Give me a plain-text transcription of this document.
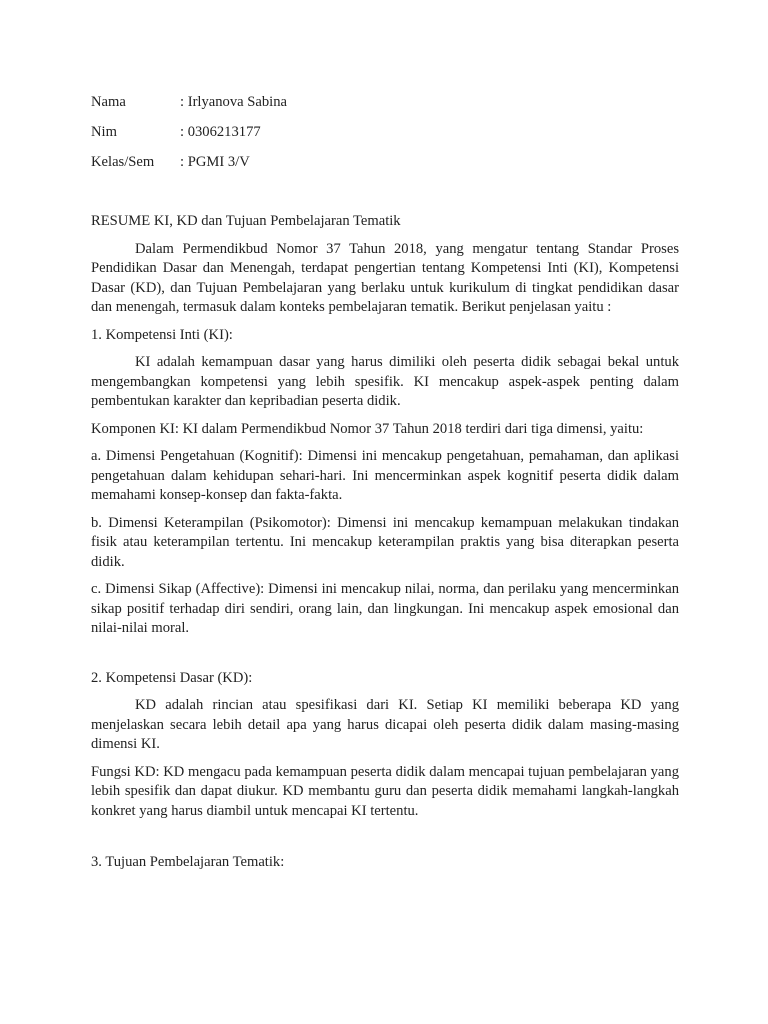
Nama	: Irlyanova Sabina
Nim	: 0306213177
Kelas/Sem : PGMI 3/V

RESUME KI, KD dan Tujuan Pembelajaran Tematik

Dalam Permendikbud Nomor 37 Tahun 2018, yang mengatur tentang Standar Proses Pendidikan Dasar dan Menengah, terdapat pengertian tentang Kompetensi Inti (KI), Kompetensi Dasar (KD), dan Tujuan Pembelajaran yang berlaku untuk kurikulum di tingkat pendidikan dasar dan menengah, termasuk dalam konteks pembelajaran tematik. Berikut penjelasan yaitu :

1. Kompetensi Inti (KI):

KI adalah kemampuan dasar yang harus dimiliki oleh peserta didik sebagai bekal untuk mengembangkan kompetensi yang lebih spesifik. KI mencakup aspek-aspek penting dalam pembentukan karakter dan kepribadian peserta didik.

Komponen KI: KI dalam Permendikbud Nomor 37 Tahun 2018 terdiri dari tiga dimensi, yaitu:

a. Dimensi Pengetahuan (Kognitif): Dimensi ini mencakup pengetahuan, pemahaman, dan aplikasi pengetahuan dalam kehidupan sehari-hari. Ini mencerminkan aspek kognitif peserta didik dalam memahami konsep-konsep dan fakta-fakta.

b. Dimensi Keterampilan (Psikomotor): Dimensi ini mencakup kemampuan melakukan tindakan fisik atau keterampilan tertentu. Ini mencakup keterampilan praktis yang bisa diterapkan peserta didik.

c. Dimensi Sikap (Affective): Dimensi ini mencakup nilai, norma, dan perilaku yang mencerminkan sikap positif terhadap diri sendiri, orang lain, dan lingkungan. Ini mencakup aspek emosional dan nilai-nilai moral.

2. Kompetensi Dasar (KD):

KD adalah rincian atau spesifikasi dari KI. Setiap KI memiliki beberapa KD yang menjelaskan secara lebih detail apa yang harus dicapai oleh peserta didik dalam masing-masing dimensi KI.

Fungsi KD: KD mengacu pada kemampuan peserta didik dalam mencapai tujuan pembelajaran yang lebih spesifik dan dapat diukur. KD membantu guru dan peserta didik memahami langkah-langkah konkret yang harus diambil untuk mencapai KI tertentu.

3. Tujuan Pembelajaran Tematik:
